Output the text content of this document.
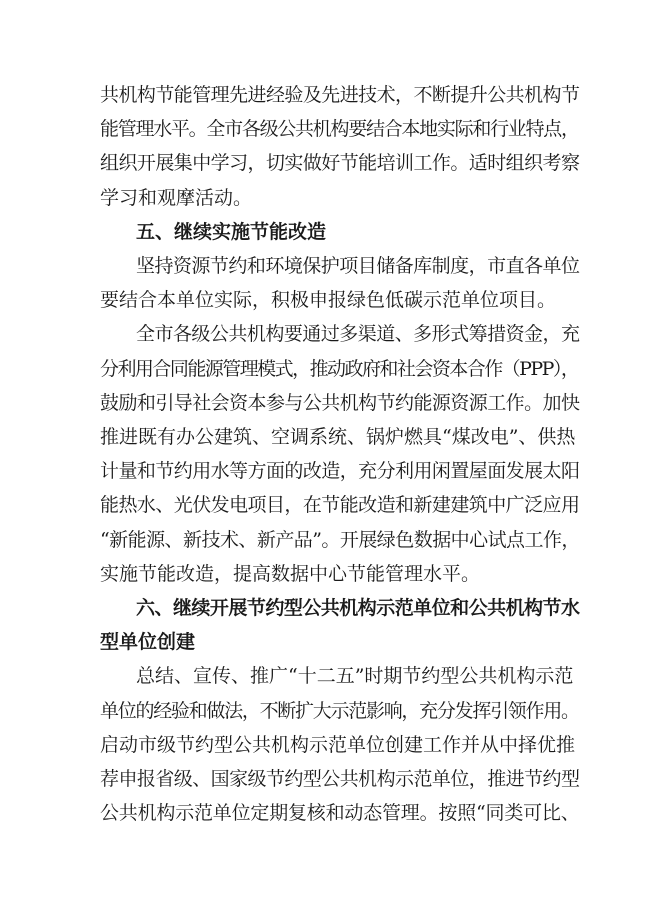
共机构节能管理先进经验及先进技术，不断提升公共机构节
能管理水平。全市各级公共机构要结合本地实际和行业特点，
组织开展集中学习，切实做好节能培训工作。适时组织考察
学习和观摩活动。
五、继续实施节能改造
坚持资源节约和环境保护项目储备库制度，市直各单位
要结合本单位实际，积极申报绿色低碳示范单位项目。
全市各级公共机构要通过多渠道、多形式筹措资金，充
分利用合同能源管理模式，推动政府和社会资本合作（PPP），
鼓励和引导社会资本参与公共机构节约能源资源工作。加快
推进既有办公建筑、空调系统、锅炉燃具“煤改电”、供热
计量和节约用水等方面的改造，充分利用闲置屋面发展太阳
能热水、光伏发电项目，在节能改造和新建建筑中广泛应用
“新能源、新技术、新产品”。开展绿色数据中心试点工作，
实施节能改造，提高数据中心节能管理水平。
六、继续开展节约型公共机构示范单位和公共机构节水
型单位创建
总结、宣传、推广“十二五”时期节约型公共机构示范
单位的经验和做法，不断扩大示范影响，充分发挥引领作用。
启动市级节约型公共机构示范单位创建工作并从中择优推
荐申报省级、国家级节约型公共机构示范单位，推进节约型
公共机构示范单位定期复核和动态管理。按照“同类可比、
